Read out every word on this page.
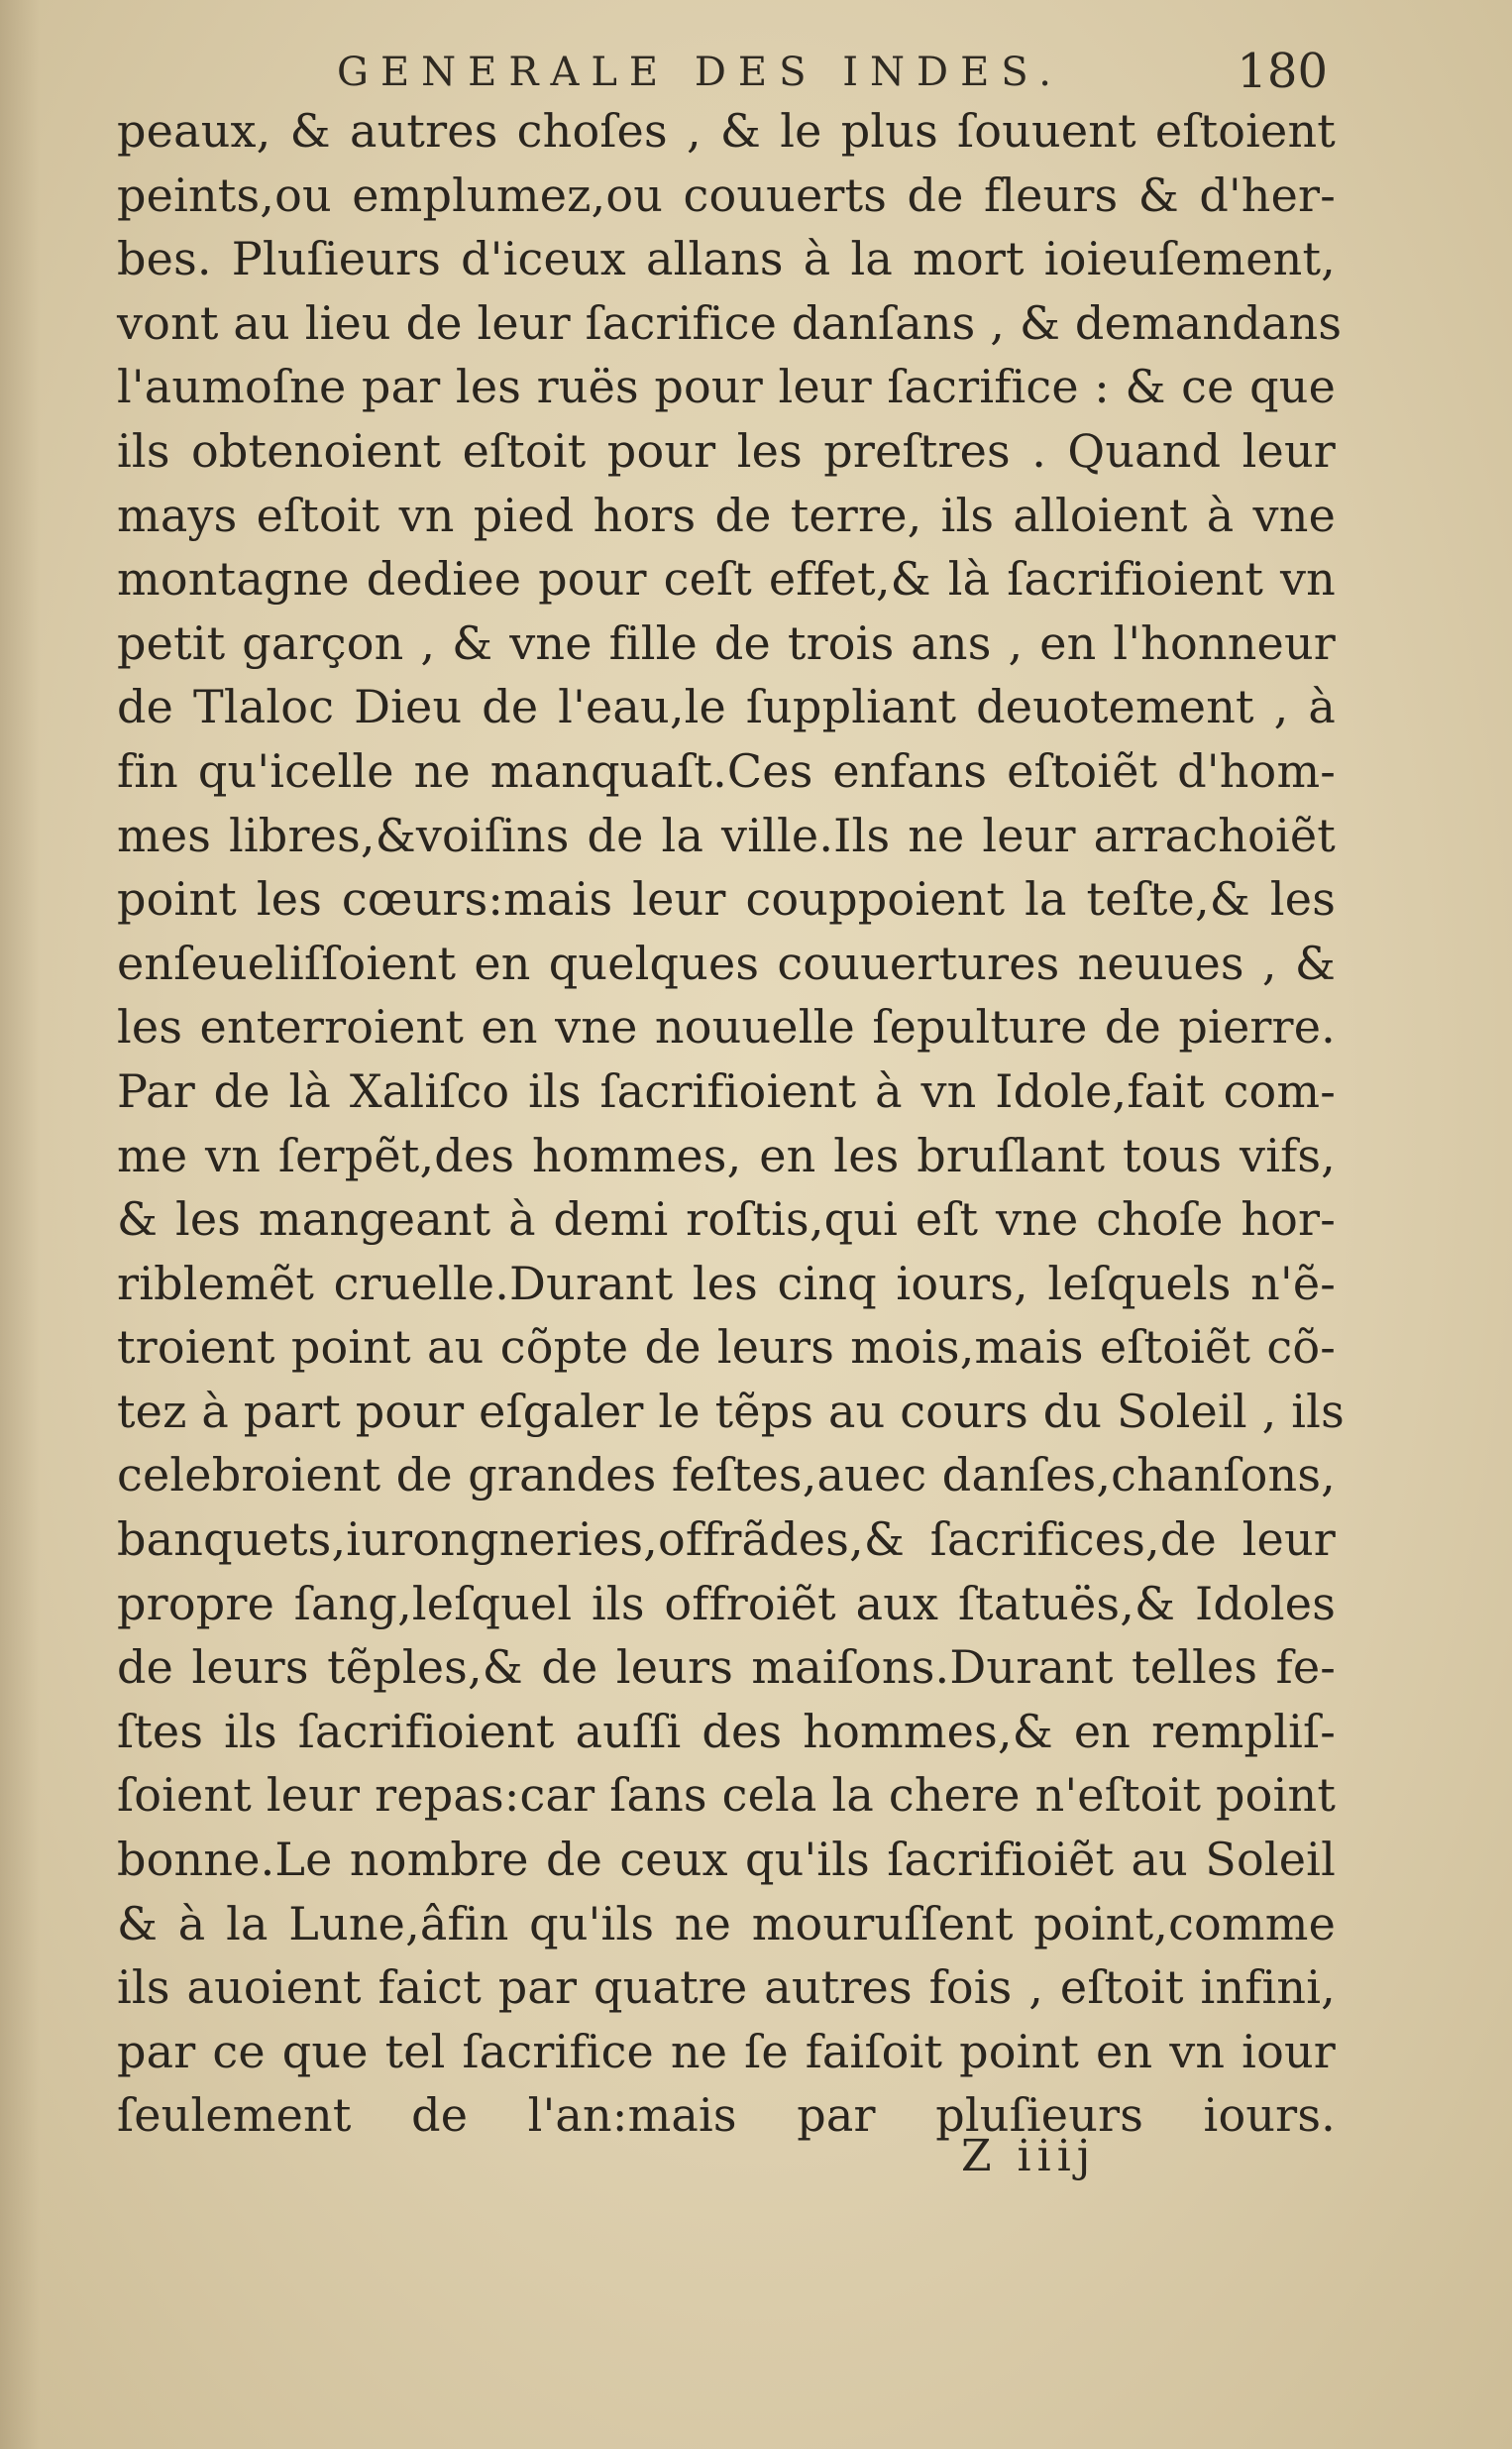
GENERALE DES INDES.	180
peaux, & autres choſes , & le plus ſouuent eſtoient
peints,ou emplumez,ou couuerts de fleurs & d'her-
bes. Pluſieurs d'iceux allans à la mort ioieuſement,
vont au lieu de leur ſacrifice danſans , & demandans
l'aumoſne par les ruës pour leur ſacrifice : & ce que
ils obtenoient eſtoit pour les preſtres . Quand leur
mays eſtoit vn pied hors de terre, ils alloient à vne
montagne dediee pour ceſt effet,& là ſacrifioient vn
petit garçon , & vne fille de trois ans , en l'honneur
de Tlaloc Dieu de l'eau,le ſuppliant deuotement , à
fin qu'icelle ne manquaſt.Ces enfans eſtoiẽt d'hom-
mes libres,&voiſins de la ville.Ils ne leur arrachoiẽt
point les cœurs:mais leur couppoient la teſte,& les
enſeueliſſoient en quelques couuertures neuues , &
les enterroient en vne nouuelle ſepulture de pierre.
Par de là Xaliſco ils ſacrifioient à vn Idole,fait com-
me vn ſerpẽt,des hommes, en les bruſlant tous vifs,
& les mangeant à demi roſtis,qui eſt vne choſe hor-
riblemẽt cruelle.Durant les cinq iours, leſquels n'ẽ-
troient point au cõpte de leurs mois,mais eſtoiẽt cõ-
tez à part pour eſgaler le tẽps au cours du Soleil , ils
celebroient de grandes feſtes,auec danſes,chanſons,
banquets,iurongneries,offrãdes,& ſacrifices,de leur
propre ſang,leſquel ils offroiẽt aux ſtatuës,& Idoles
de leurs tẽples,& de leurs maiſons.Durant telles fe-
ſtes ils ſacrifioient auſſi des hommes,& en rempliſ-
ſoient leur repas:car ſans cela la chere n'eſtoit point
bonne.Le nombre de ceux qu'ils ſacrifioiẽt au Soleil
& à la Lune,âfin qu'ils ne mouruſſent point,comme
ils auoient faict par quatre autres fois , eſtoit infini,
par ce que tel ſacrifice ne ſe faiſoit point en vn iour
ſeulement de l'an:mais par pluſieurs iours.
Z iiij
